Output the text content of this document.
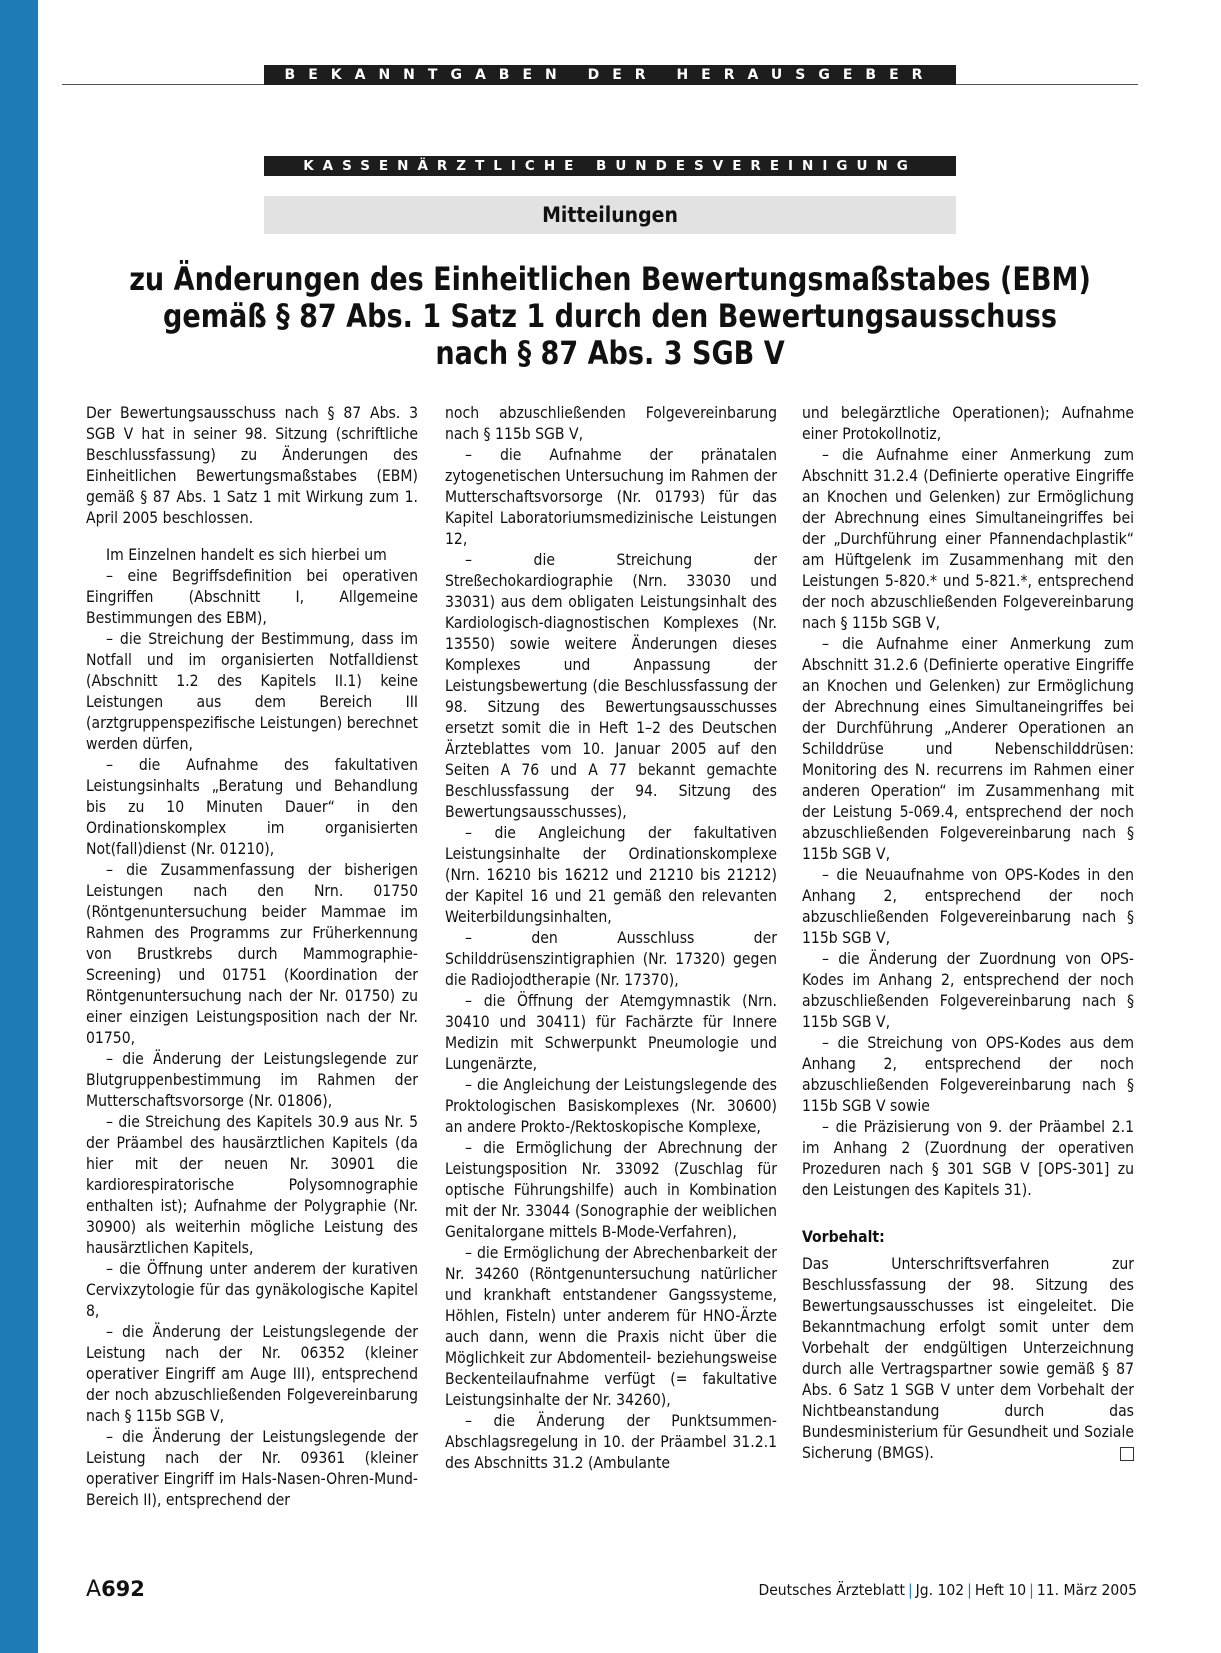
BEKANNTGABEN DER HERAUSGEBER
KASSENÄRZTLICHE BUNDESVEREINIGUNG
Mitteilungen
zu Änderungen des Einheitlichen Bewertungsmaßstabes (EBM)
gemäß § 87 Abs. 1 Satz 1 durch den Bewertungsausschuss
nach § 87 Abs. 3 SGB V

Der Bewertungsausschuss nach § 87 Abs. 3 SGB V hat in seiner 98. Sitzung (schriftliche Beschlussfassung) zu Änderungen des Einheitlichen Bewertungsmaßstabes (EBM) gemäß § 87 Abs. 1 Satz 1 mit Wirkung zum 1. April 2005 beschlossen.

Im Einzelnen handelt es sich hierbei um

– eine Begriffsdefinition bei operativen Eingriffen (Abschnitt I, Allgemeine Bestimmungen des EBM),

– die Streichung der Bestimmung, dass im Notfall und im organisierten Notfalldienst (Abschnitt 1.2 des Kapitels II.1) keine Leistungen aus dem Bereich III (arztgruppenspezifische Leistungen) berechnet werden dürfen,

– die Aufnahme des fakultativen Leistungsinhalts „Beratung und Behandlung bis zu 10 Minuten Dauer“ in den Ordinationskomplex im organisierten Not(fall)dienst (Nr. 01210),

– die Zusammenfassung der bisherigen Leistungen nach den Nrn. 01750 (Röntgenuntersuchung beider Mammae im Rahmen des Programms zur Früherkennung von Brustkrebs durch Mammographie-Screening) und 01751 (Koordination der Röntgenuntersuchung nach der Nr. 01750) zu einer einzigen Leistungsposition nach der Nr. 01750,

– die Änderung der Leistungslegende zur Blutgruppenbestimmung im Rahmen der Mutterschaftsvorsorge (Nr. 01806),

– die Streichung des Kapitels 30.9 aus Nr. 5 der Präambel des hausärztlichen Kapitels (da hier mit der neuen Nr. 30901 die kardiorespiratorische Polysomnographie enthalten ist); Aufnahme der Polygraphie (Nr. 30900) als weiterhin mögliche Leistung des hausärztlichen Kapitels,

– die Öffnung unter anderem der kurativen Cervixzytologie für das gynäkologische Kapitel 8,

– die Änderung der Leistungslegende der Leistung nach der Nr. 06352 (kleiner operativer Eingriff am Auge III), entsprechend der noch abzuschließenden Folgevereinbarung nach § 115b SGB V,

– die Änderung der Leistungslegende der Leistung nach der Nr. 09361 (kleiner operativer Eingriff im Hals-Nasen-Ohren-Mund-Bereich II), entsprechend der

noch abzuschließenden Folgevereinbarung nach § 115b SGB V,

– die Aufnahme der pränatalen zytogenetischen Untersuchung im Rahmen der Mutterschaftsvorsorge (Nr. 01793) für das Kapitel Laboratoriumsmedizinische Leistungen 12,

– die Streichung der Streßechokardiographie (Nrn. 33030 und 33031) aus dem obligaten Leistungsinhalt des Kardiologisch-diagnostischen Komplexes (Nr. 13550) sowie weitere Änderungen dieses Komplexes und Anpassung der Leistungsbewertung (die Beschlussfassung der 98. Sitzung des Bewertungsausschusses ersetzt somit die in Heft 1–2 des Deutschen Ärzteblattes vom 10. Januar 2005 auf den Seiten A 76 und A 77 bekannt gemachte Beschlussfassung der 94. Sitzung des Bewertungsausschusses),

– die Angleichung der fakultativen Leistungsinhalte der Ordinationskomplexe (Nrn. 16210 bis 16212 und 21210 bis 21212) der Kapitel 16 und 21 gemäß den relevanten Weiterbildungsinhalten,

– den Ausschluss der Schilddrüsenszintigraphien (Nr. 17320) gegen die Radiojodtherapie (Nr. 17370),

– die Öffnung der Atemgymnastik (Nrn. 30410 und 30411) für Fachärzte für Innere Medizin mit Schwerpunkt Pneumologie und Lungenärzte,

– die Angleichung der Leistungslegende des Proktologischen Basiskomplexes (Nr. 30600) an andere Prokto-/Rektoskopische Komplexe,

– die Ermöglichung der Abrechnung der Leistungsposition Nr. 33092 (Zuschlag für optische Führungshilfe) auch in Kombination mit der Nr. 33044 (Sonographie der weiblichen Genitalorgane mittels B-Mode-Verfahren),

– die Ermöglichung der Abrechenbarkeit der Nr. 34260 (Röntgenuntersuchung natürlicher und krankhaft entstandener Gangssysteme, Höhlen, Fisteln) unter anderem für HNO-Ärzte auch dann, wenn die Praxis nicht über die Möglichkeit zur Abdomenteil- beziehungsweise Beckenteilaufnahme verfügt (= fakultative Leistungsinhalte der Nr. 34260),

– die Änderung der Punktsummen-Abschlagsregelung in 10. der Präambel 31.2.1 des Abschnitts 31.2 (Ambulante

und belegärztliche Operationen); Aufnahme einer Protokollnotiz,

– die Aufnahme einer Anmerkung zum Abschnitt 31.2.4 (Definierte operative Eingriffe an Knochen und Gelenken) zur Ermöglichung der Abrechnung eines Simultaneingriffes bei der „Durchführung einer Pfannendachplastik“ am Hüftgelenk im Zusammenhang mit den Leistungen 5-820.* und 5-821.*, entsprechend der noch abzuschließenden Folgevereinbarung nach § 115b SGB V,

– die Aufnahme einer Anmerkung zum Abschnitt 31.2.6 (Definierte operative Eingriffe an Knochen und Gelenken) zur Ermöglichung der Abrechnung eines Simultaneingriffes bei der Durchführung „Anderer Operationen an Schilddrüse und Nebenschilddrüsen: Monitoring des N. recurrens im Rahmen einer anderen Operation“ im Zusammenhang mit der Leistung 5-069.4, entsprechend der noch abzuschließenden Folgevereinbarung nach § 115b SGB V,

– die Neuaufnahme von OPS-Kodes in den Anhang 2, entsprechend der noch abzuschließenden Folgevereinbarung nach § 115b SGB V,

– die Änderung der Zuordnung von OPS-Kodes im Anhang 2, entsprechend der noch abzuschließenden Folgevereinbarung nach § 115b SGB V,

– die Streichung von OPS-Kodes aus dem Anhang 2, entsprechend der noch abzuschließenden Folgevereinbarung nach § 115b SGB V sowie

– die Präzisierung von 9. der Präambel 2.1 im Anhang 2 (Zuordnung der operativen Prozeduren nach § 301 SGB V [OPS-301] zu den Leistungen des Kapitels 31).

Vorbehalt:

Das Unterschriftsverfahren zur Beschlussfassung der 98. Sitzung des Bewertungsausschusses ist eingeleitet. Die Bekanntmachung erfolgt somit unter dem Vorbehalt der endgültigen Unterzeichnung durch alle Vertragspartner sowie gemäß § 87 Abs. 6 Satz 1 SGB V unter dem Vorbehalt der Nichtbeanstandung durch das Bundesministerium für Gesundheit und Soziale Sicherung (BMGS).

A692	Deutsches Ärzteblatt | Jg. 102 | Heft 10 | 11. März 2005
